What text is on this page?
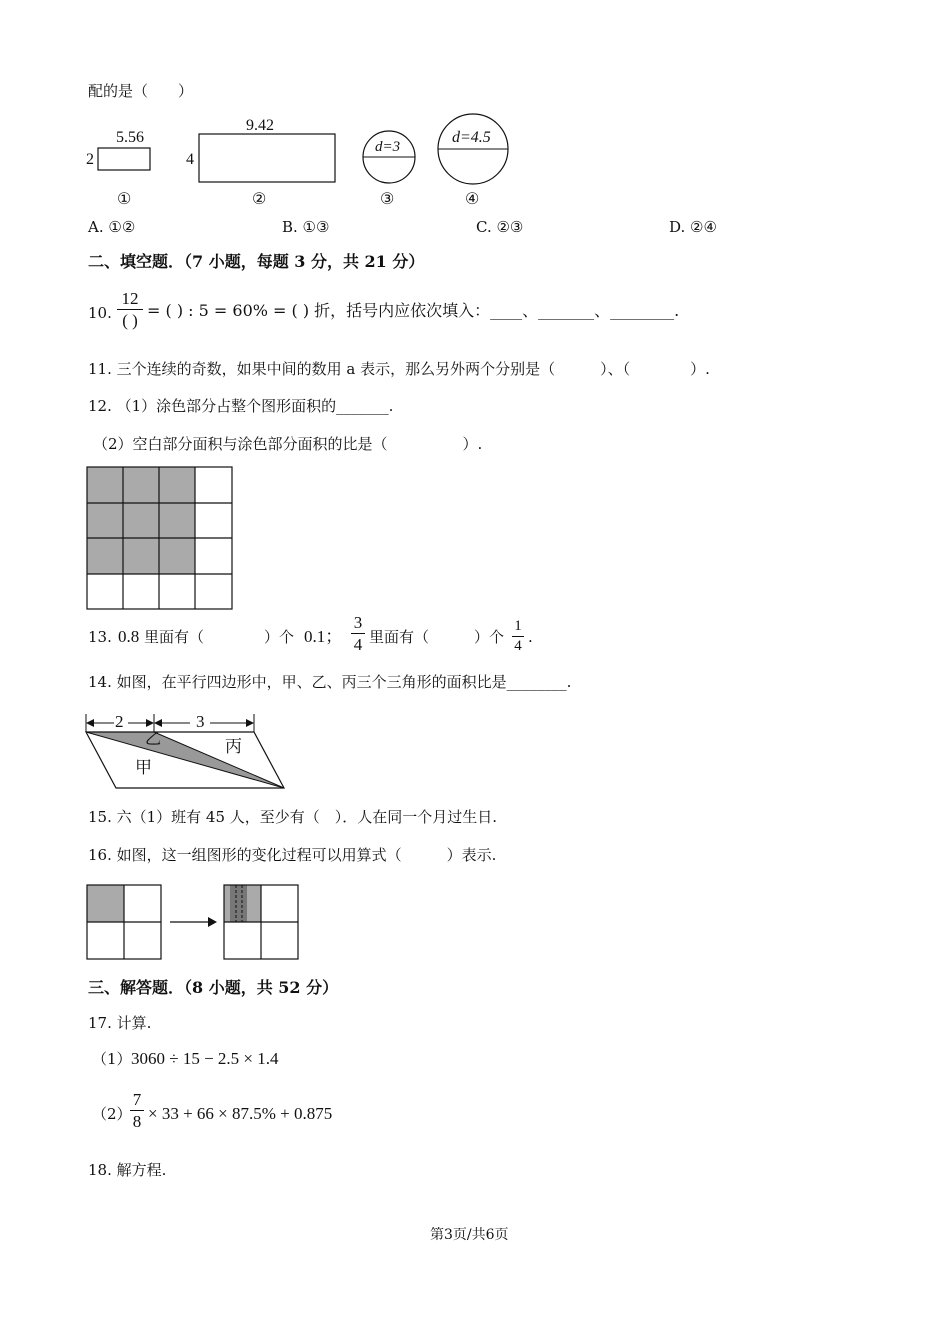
配的是（　　）
5.56
2
①
9.42
4
②
d=3
③
d=4.5
④
A. ①②	B. ①③	C. ②③	D. ②④
二、填空题．（7 小题，每题 3 分，共 21 分）
10.
12
( )
= ( ) : 5 = 60% = ( ) 折，括号内应依次填入：____、_______、________.
11. 三个连续的奇数，如果中间的数用 a 表示，那么另外两个分别是（　　　）、（　　　　）.
12. （1）涂色部分占整个图形面积的_______.
（2）空白部分面积与涂色部分面积的比是（　　　　　）.
13. 0.8 里面有（　　　　）个 0.1；
3
4 里面有（　　　）个
1
4 .
14. 如图，在平行四边形中，甲、乙、丙三个三角形的面积比是________.
2	3
乙	丙
甲
15. 六（1）班有 45 人，至少有（　）．人在同一个月过生日.
16. 如图，这一组图形的变化过程可以用算式（　　　）表示.
三、解答题．（8 小题，共 52 分）
17. 计算.
（1） 3060 ÷ 15 − 2.5 × 1.4
（2）
7
8 × 33 + 66 × 87.5% + 0.875
18. 解方程.
第3页/共6页
